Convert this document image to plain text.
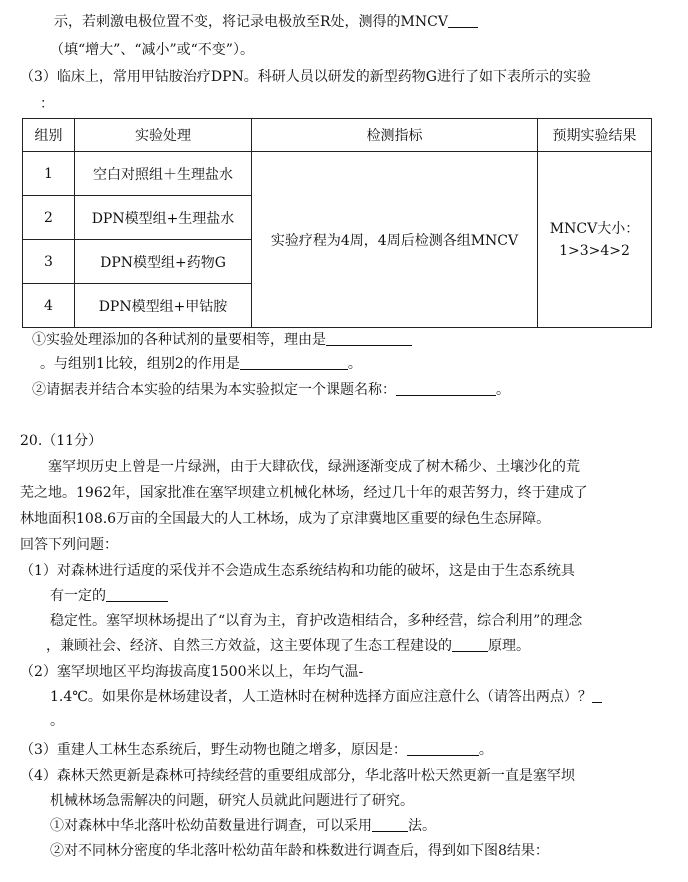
示，若刺激电极位置不变，将记录电极放至R处，测得的MNCV
（填“增大”、“减小”或“不变”）。
（3）临床上，常用甲钴胺治疗DPN。科研人员以研发的新型药物G进行了如下表所示的实验
：
组别	实验处理	检测指标	预期实验结果
1	空白对照组＋生理盐水	实验疗程为4周，4周后检测各组MNCV	MNCV大小：
1>3>4>2

2	DPN模型组+生理盐水		
3	DPN模型组+药物G		
4	DPN模型组+甲钴胺		
①实验处理添加的各种试剂的量要相等，理由是
。与组别1比较，组别2的作用是	。
②请据表并结合本实验的结果为本实验拟定一个课题名称：	。
20.（11分）
塞罕坝历史上曾是一片绿洲，由于大肆砍伐，绿洲逐渐变成了树木稀少、土壤沙化的荒
芜之地。1962年，国家批准在塞罕坝建立机械化林场，经过几十年的艰苦努力，终于建成了
林地面积108.6万亩的全国最大的人工林场，成为了京津冀地区重要的绿色生态屏障。
回答下列问题：
（1）对森林进行适度的采伐并不会造成生态系统结构和功能的破坏，这是由于生态系统具
有一定的
稳定性。塞罕坝林场提出了“以育为主，育护改造相结合，多种经营，综合利用”的理念
，兼顾社会、经济、自然三方效益，这主要体现了生态工程建设的	原理。
（2）塞罕坝地区平均海拔高度1500米以上，年均气温-
1.4℃。如果你是林场建设者，人工造林时在树种选择方面应注意什么（请答出两点）？
。
（3）重建人工林生态系统后，野生动物也随之增多，原因是：	。
（4）森林天然更新是森林可持续经营的重要组成部分，华北落叶松天然更新一直是塞罕坝
机械林场急需解决的问题，研究人员就此问题进行了研究。
①对森林中华北落叶松幼苗数量进行调查，可以采用	法。
②对不同林分密度的华北落叶松幼苗年龄和株数进行调查后，得到如下图8结果：
